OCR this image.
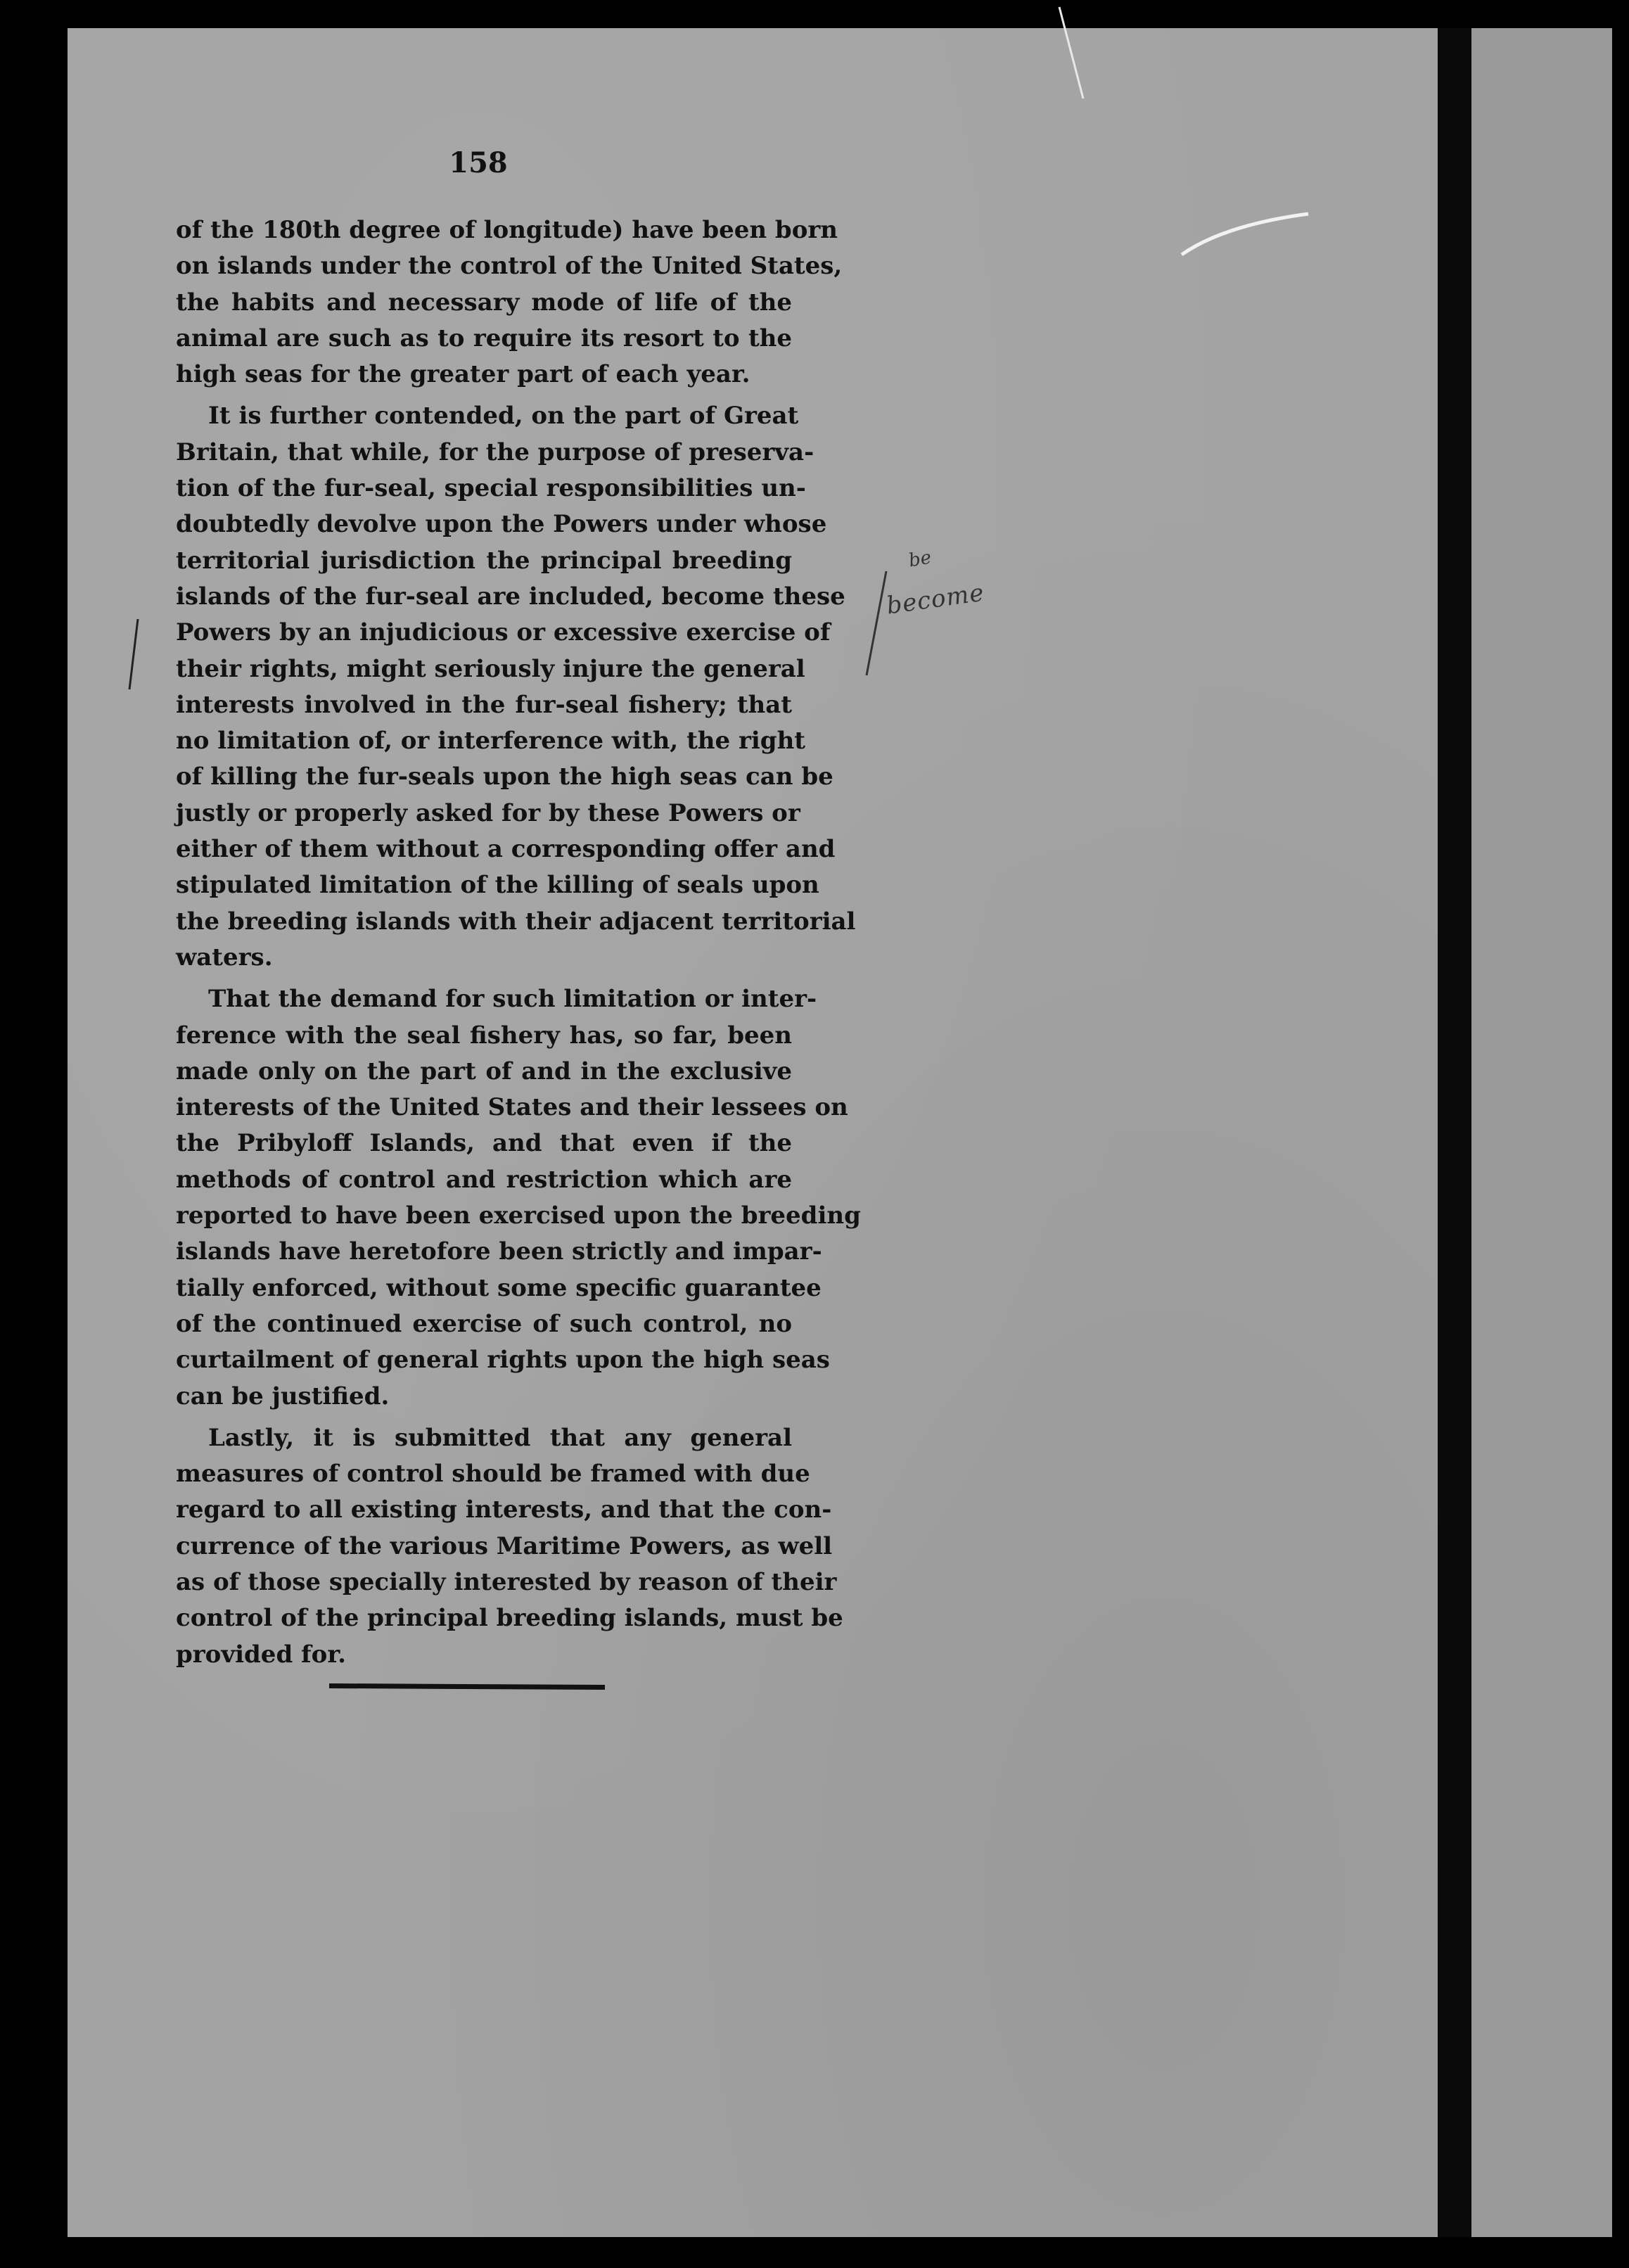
158
of the 180th degree of longitude) have been born
on islands under the control of the United States,
the habits and necessary mode of life of the
animal are such as to require its resort to the
high seas for the greater part of each year.
It is further contended, on the part of Great
Britain, that while, for the purpose of preserva-
tion of the fur-seal, special responsibilities un-
doubtedly devolve upon the Powers under whose
territorial jurisdiction the principal breeding
islands of the fur-seal are included, become these
Powers by an injudicious or excessive exercise of
their rights, might seriously injure the general
interests involved in the fur-seal fishery; that
no limitation of, or interference with, the right
of killing the fur-seals upon the high seas can be
justly or properly asked for by these Powers or
either of them without a corresponding offer and
stipulated limitation of the killing of seals upon
the breeding islands with their adjacent territorial
waters.
That the demand for such limitation or inter-
ference with the seal fishery has, so far, been
made only on the part of and in the exclusive
interests of the United States and their lessees on
the Pribyloff Islands, and that even if the
methods of control and restriction which are
reported to have been exercised upon the breeding
islands have heretofore been strictly and impar-
tially enforced, without some specific guarantee
of the continued exercise of such control, no
curtailment of general rights upon the high seas
can be justified.
Lastly, it is submitted that any general
measures of control should be framed with due
regard to all existing interests, and that the con-
currence of the various Maritime Powers, as well
as of those specially interested by reason of their
control of the principal breeding islands, must be
provided for.
be
become
